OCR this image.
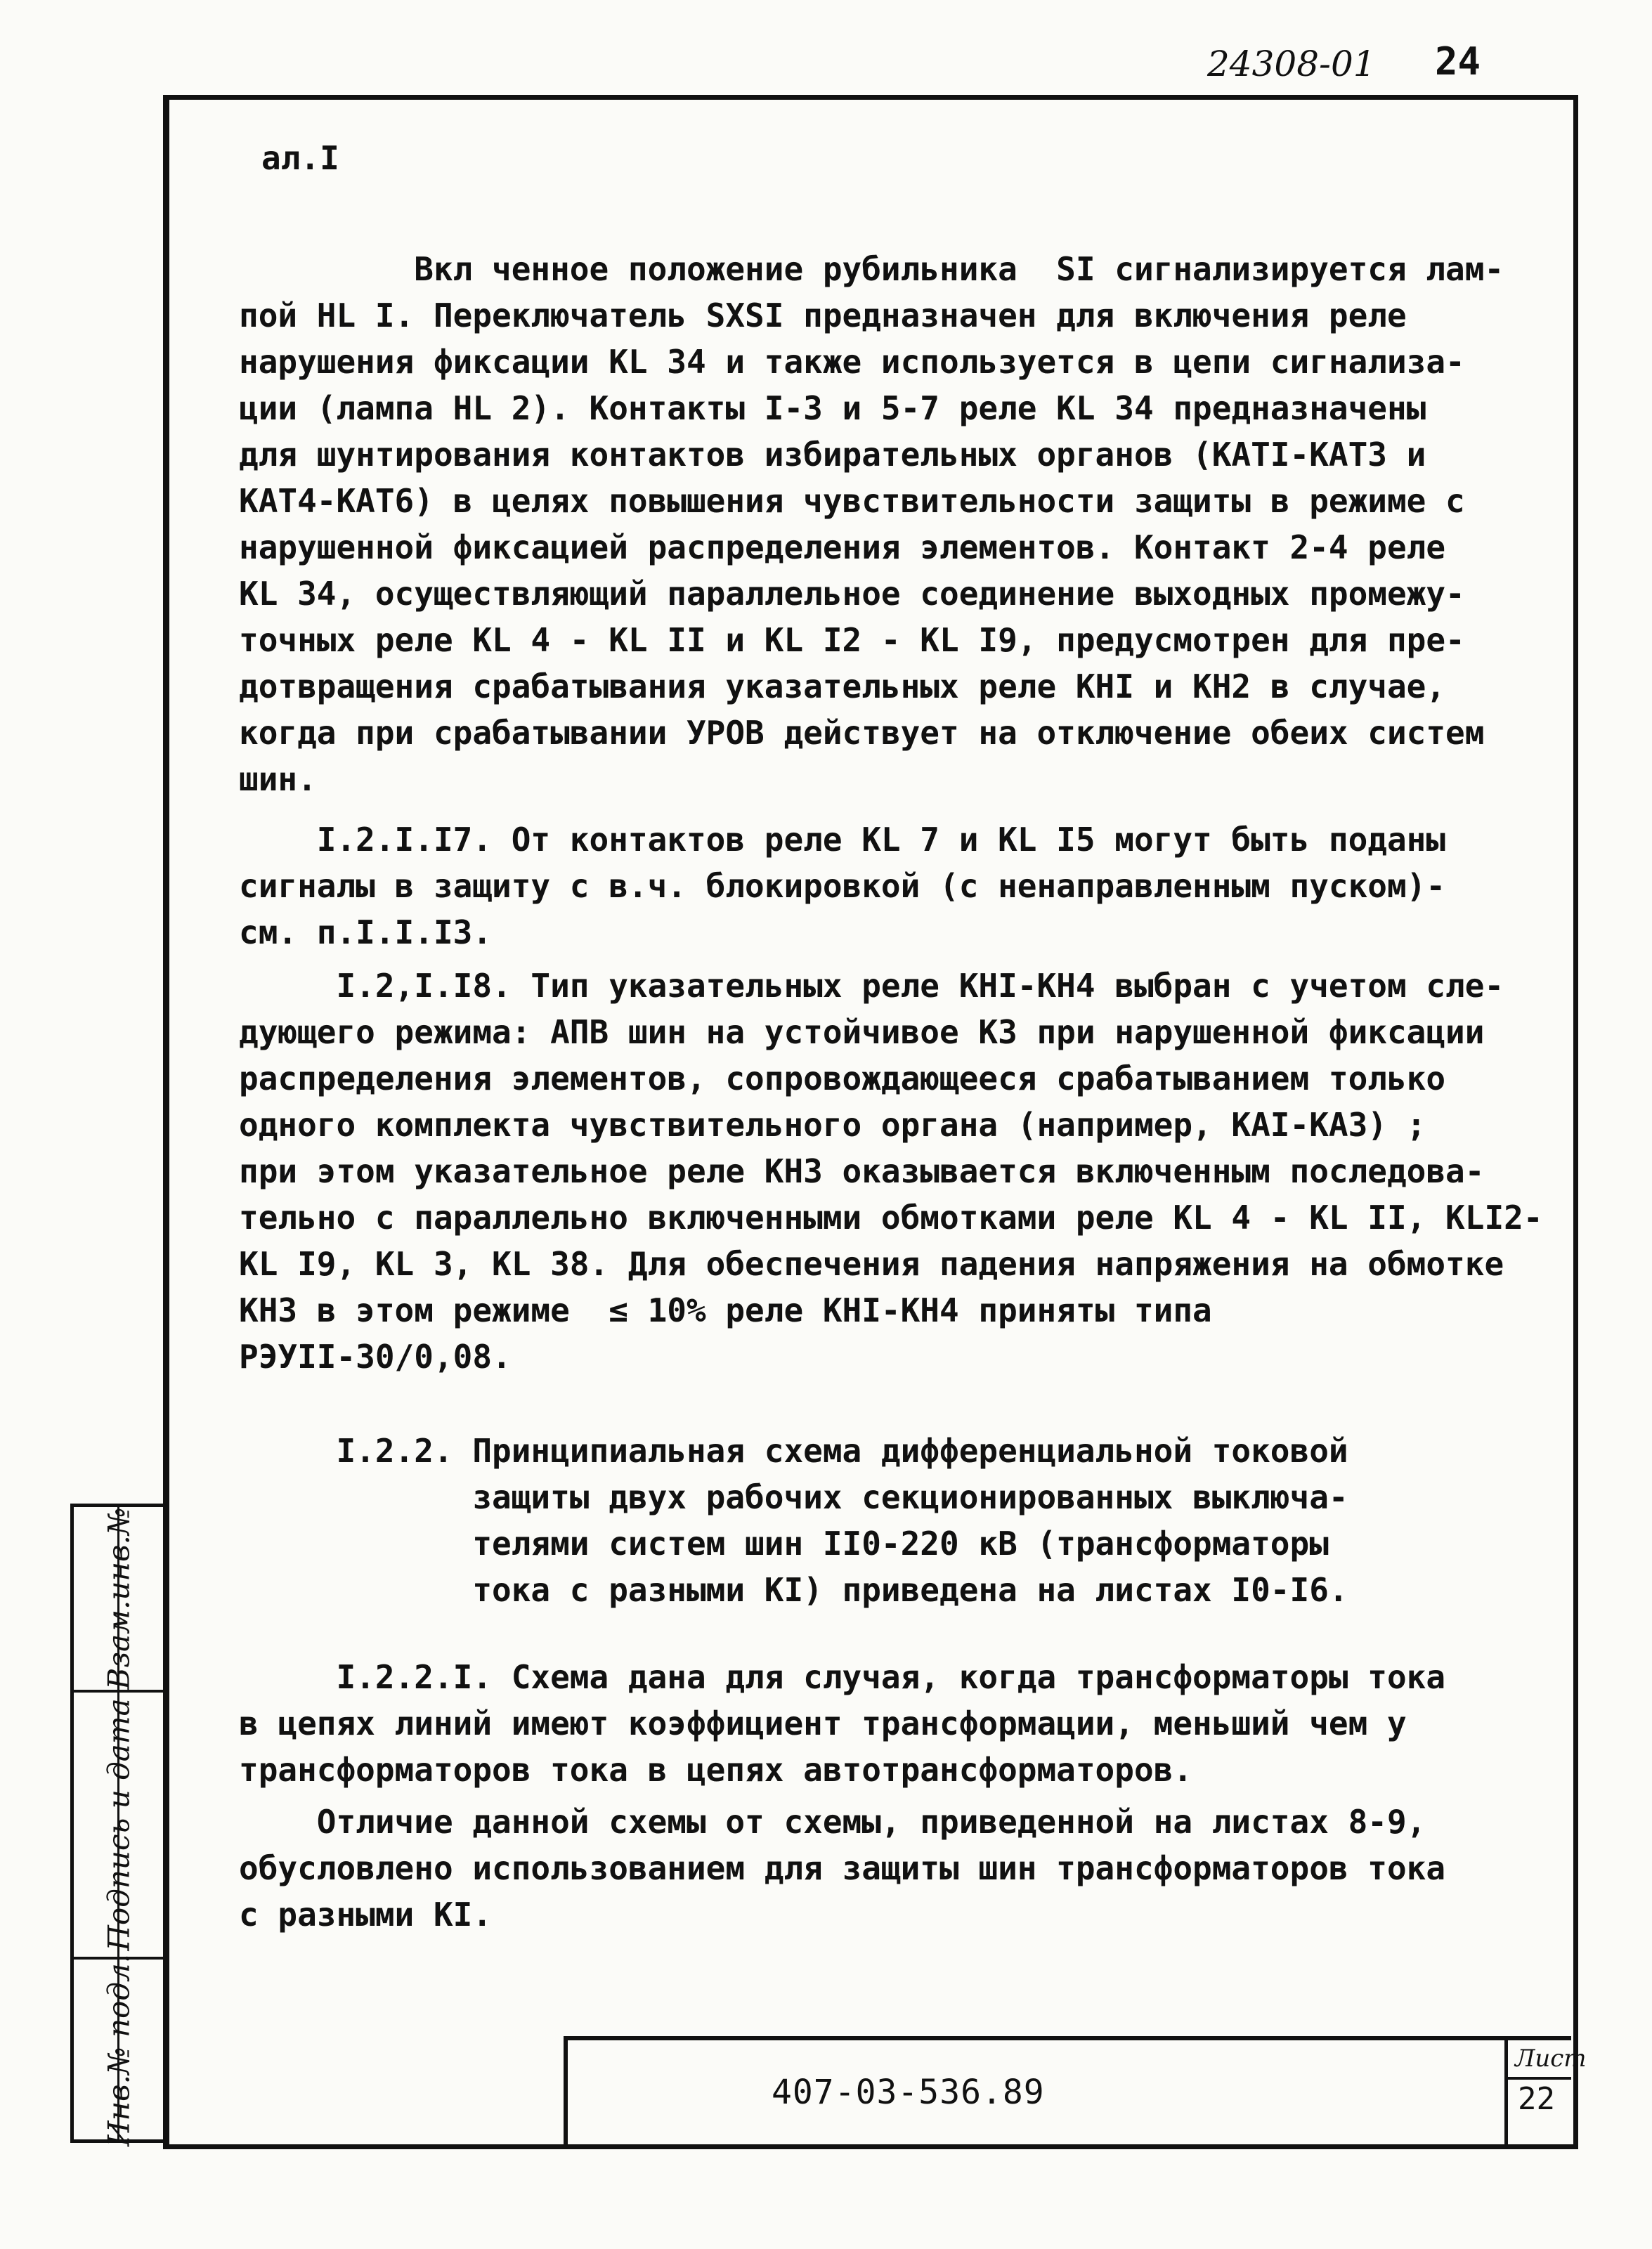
24308-01 24
ал.I

Вкл ченное положение рубильника  SI сигнализируется лам-

пой HL I. Переключатель SXSI предназначен для включения реле

нарушения фиксации KL 34 и также используется в цепи сигнализа-

ции (лампа HL 2). Контакты I-3 и 5-7 реле KL 34 предназначены

для шунтирования контактов избирательных органов (KATI-KAT3 и

KAT4-KAT6) в целях повышения чувствительности защиты в режиме с

нарушенной фиксацией распределения элементов. Контакт 2-4 реле

KL 34, осуществляющий параллельное соединение выходных промежу-

точных реле KL 4 - KL II и KL I2 - KL I9, предусмотрен для пре-

дотвращения срабатывания указательных реле KHI и KH2 в случае,

когда при срабатывании УРОВ действует на отключение обеих систем

шин.

I.2.I.I7. От контактов реле KL 7 и KL I5 могут быть поданы

сигналы в защиту с в.ч. блокировкой (с ненаправленным пуском)-

см. п.I.I.I3.

I.2,I.I8. Тип указательных реле KHI-KH4 выбран с учетом сле-

дующего режима: АПВ шин на устойчивое КЗ при нарушенной фиксации

распределения элементов, сопровождающееся срабатыванием только

одного комплекта чувствительного органа (например, KAI-KA3) ;

при этом указательное реле KH3 оказывается включенным последова-

тельно с параллельно включенными обмотками реле KL 4 - KL II, KLI2-

KL I9, KL 3, KL 38. Для обеспечения падения напряжения на обмотке

KH3 в этом режиме  ≤ 10% реле KHI-KH4 приняты типа

РЭУII-30/0,08.

I.2.2. Принципиальная схема дифференциальной токовой

защиты двух рабочих секционированных выключа-

телями систем шин II0-220 кВ (трансформаторы

тока с разными KI) приведена на листах I0-I6.

I.2.2.I. Схема дана для случая, когда трансформаторы тока

в цепях линий имеют коэффициент трансформации, меньший чем у

трансформаторов тока в цепях автотрансформаторов.

Отличие данной схемы от схемы, приведенной на листах 8-9,

обусловлено использованием для защиты шин трансформаторов тока

с разными KI.

Взам.инв.№
Подпись и дата
Инв.№ подл.	407-03-536.89
Лист
22
